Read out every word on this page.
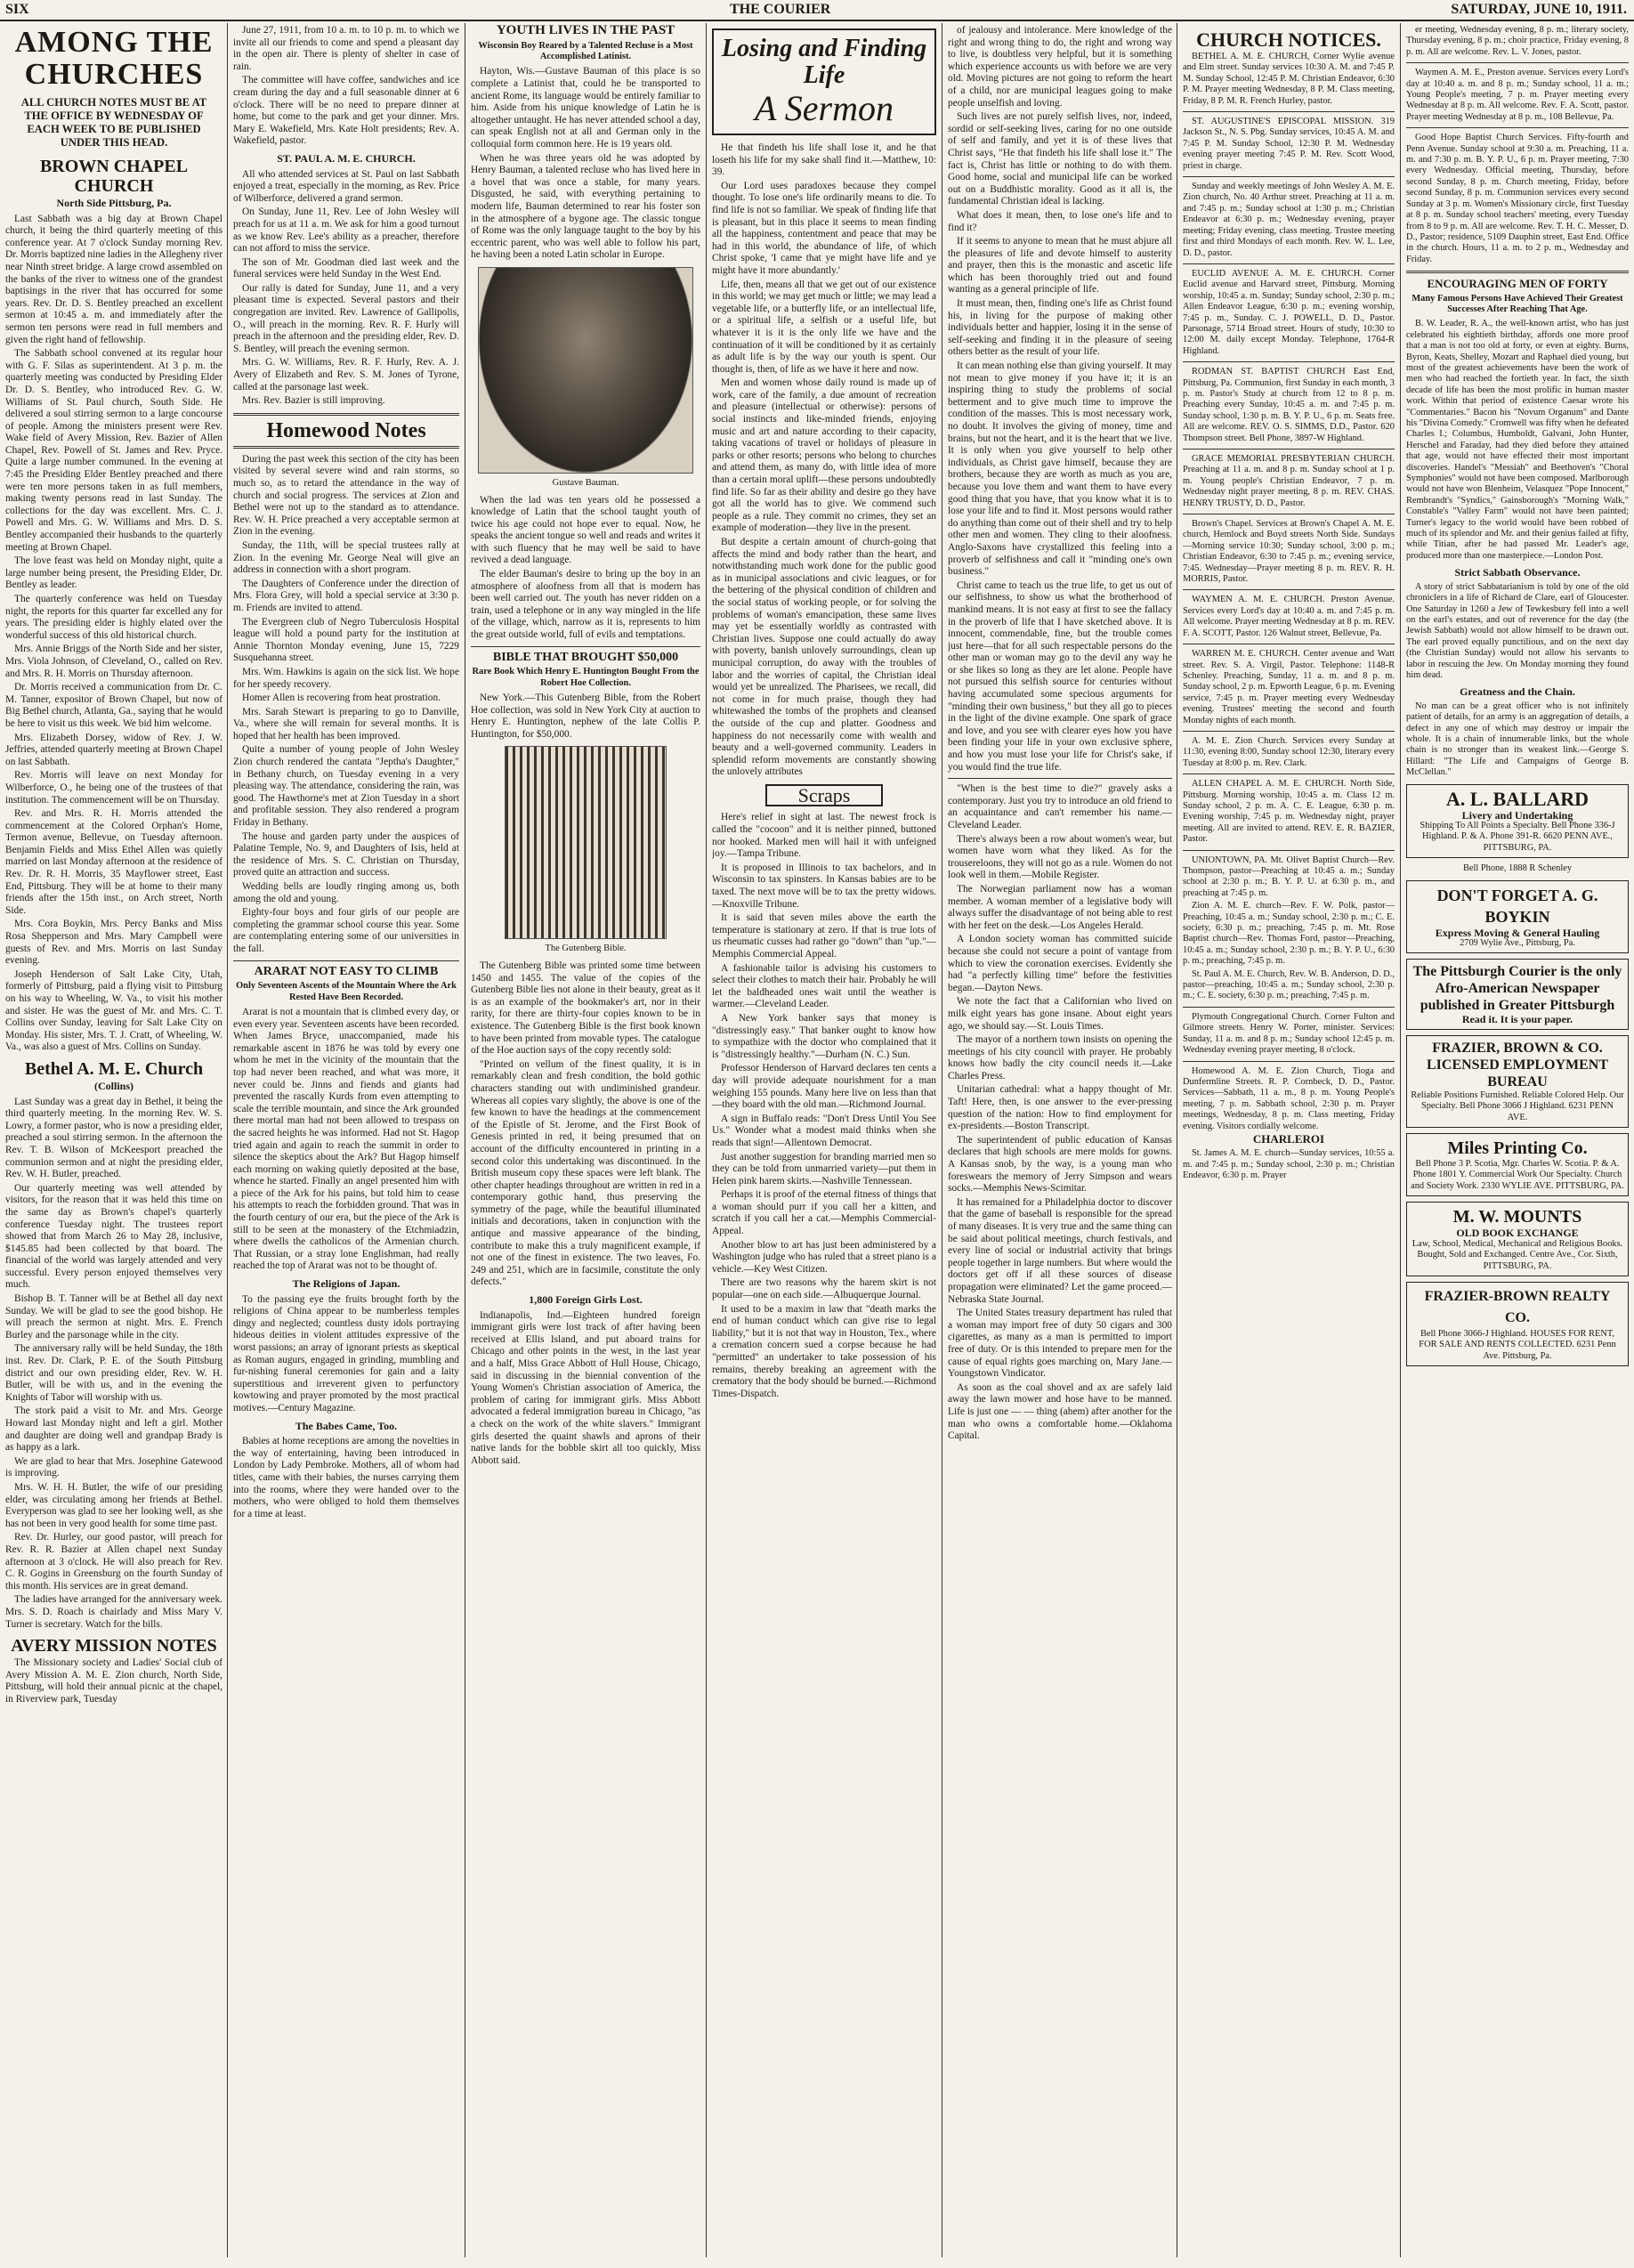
SIX	THE COURIER	SATURDAY, JUNE 10, 1911.
AMONG THE CHURCHES
ALL CHURCH NOTES MUST BE AT THE OFFICE BY WEDNESDAY OF EACH WEEK TO BE PUBLISHED UNDER THIS HEAD.
BROWN CHAPEL CHURCH
North Side Pittsburg, Pa.

Last Sabbath was a big day at Brown Chapel church, it being the third quarterly meeting of this conference year. At 7 o'clock Sunday morning Rev. Dr. Morris baptized nine ladies in the Allegheny river near Ninth street bridge. A large crowd assembled on the banks of the river to witness one of the grandest baptisings in the river that has occurred for some years. Rev. Dr. D. S. Bentley preached an excellent sermon at 10:45 a. m. and immediately after the sermon ten persons were read in full members and given the right hand of fellowship.

The Sabbath school convened at its regular hour with G. F. Silas as superintendent. At 3 p. m. the quarterly meeting was conducted by Presiding Elder Dr. D. S. Bentley, who introduced Rev. G. W. Williams of St. Paul church, South Side. He delivered a soul stirring sermon to a large concourse of people. Among the ministers present were Rev. Wake field of Avery Mission, Rev. Bazier of Allen Chapel, Rev. Powell of St. James and Rev. Pryce. Quite a large number communed. In the evening at 7:45 the Presiding Elder Bentley preached and there were ten more persons taken in as full members, making twenty persons read in last Sunday. The collections for the day was excellent. Mrs. C. J. Powell and Mrs. G. W. Williams and Mrs. D. S. Bentley accompanied their husbands to the quarterly meeting at Brown Chapel.

The love feast was held on Monday night, quite a large number being present, the Presiding Elder, Dr. Bentley as leader.

The quarterly conference was held on Tuesday night, the reports for this quarter far excelled any for years. The presiding elder is highly elated over the wonderful success of this old historical church.

Mrs. Annie Briggs of the North Side and her sister, Mrs. Viola Johnson, of Cleveland, O., called on Rev. and Mrs. R. H. Morris on Thursday afternoon.

Dr. Morris received a communication from Dr. C. M. Tanner, expositor of Brown Chapel, but now of Big Bethel church, Atlanta, Ga., saying that he would be here to visit us this week. We bid him welcome.

Mrs. Elizabeth Dorsey, widow of Rev. J. W. Jeffries, attended quarterly meeting at Brown Chapel on last Sabbath.

Rev. Morris will leave on next Monday for Wilberforce, O., he being one of the trustees of that institution. The commencement will be on Thursday.

Rev. and Mrs. R. H. Morris attended the commencement at the Colored Orphan's Home, Termon avenue, Bellevue, on Tuesday afternoon. Benjamin Fields and Miss Ethel Allen was quietly married on last Monday afternoon at the residence of Rev. Dr. R. H. Morris, 35 Mayflower street, East End, Pittsburg. They will be at home to their many friends after the 15th inst., on Arch street, North Side.

Mrs. Cora Boykin, Mrs. Percy Banks and Miss Rosa Shepperson and Mrs. Mary Campbell were guests of Rev. and Mrs. Morris on last Sunday evening.

Joseph Henderson of Salt Lake City, Utah, formerly of Pittsburg, paid a flying visit to Pittsburg on his way to Wheeling, W. Va., to visit his mother and sister. He was the guest of Mr. and Mrs. C. T. Collins over Sunday, leaving for Salt Lake City on Monday. His sister, Mrs. T. J. Cratt, of Wheeling, W. Va., was also a guest of Mrs. Collins on Sunday.

Bethel A. M. E. Church
(Collins)

Last Sunday was a great day in Bethel, it being the third quarterly meeting. In the morning Rev. W. S. Lowry, a former pastor, who is now a presiding elder, preached a soul stirring sermon. In the afternoon the Rev. T. B. Wilson of McKeesport preached the communion sermon and at night the presiding elder, Rev. W. H. Butler, preached.

Our quarterly meeting was well attended by visitors, for the reason that it was held this time on the same day as Brown's chapel's quarterly conference Tuesday night. The trustees report showed that from March 26 to May 28, inclusive, $145.85 had been collected by that board. The financial of the world was largely attended and very successful. Every person enjoyed themselves very much.

Bishop B. T. Tanner will be at Bethel all day next Sunday. We will be glad to see the good bishop. He will preach the sermon at night. Mrs. E. French Burley and the parsonage while in the city.

The anniversary rally will be held Sunday, the 18th inst. Rev. Dr. Clark, P. E. of the South Pittsburg district and our own presiding elder, Rev. W. H. Butler, will be with us, and in the evening the Knights of Tabor will worship with us.

The stork paid a visit to Mr. and Mrs. George Howard last Monday night and left a girl. Mother and daughter are doing well and grandpap Brady is as happy as a lark.

We are glad to hear that Mrs. Josephine Gatewood is improving.

Mrs. W. H. H. Butler, the wife of our presiding elder, was circulating among her friends at Bethel. Everyperson was glad to see her looking well, as she has not been in very good health for some time past.

Rev. Dr. Hurley, our good pastor, will preach for Rev. R. R. Bazier at Allen chapel next Sunday afternoon at 3 o'clock. He will also preach for Rev. C. R. Gogins in Greensburg on the fourth Sunday of this month. His services are in great demand.

The ladies have arranged for the anniversary week. Mrs. S. D. Roach is chairlady and Miss Mary V. Turner is secretary. Watch for the bills.

AVERY MISSION NOTES

The Missionary society and Ladies' Social club of Avery Mission A. M. E. Zion church, North Side, Pittsburg, will hold their annual picnic at the chapel, in Riverview park, Tuesday

June 27, 1911, from 10 a. m. to 10 p. m. to which we invite all our friends to come and spend a pleasant day in the open air. There is plenty of shelter in case of rain.

The committee will have coffee, sandwiches and ice cream during the day and a full seasonable dinner at 6 o'clock. There will be no need to prepare dinner at home, but come to the park and get your dinner. Mrs. Mary E. Wakefield, Mrs. Kate Holt presidents; Rev. A. Wakefield, pastor.

ST. PAUL A. M. E. CHURCH.

All who attended services at St. Paul on last Sabbath enjoyed a treat, especially in the morning, as Rev. Price of Wilberforce, delivered a grand sermon.

On Sunday, June 11, Rev. Lee of John Wesley will preach for us at 11 a. m. We ask for him a good turnout as we know Rev. Lee's ability as a preacher, therefore can not afford to miss the service.

The son of Mr. Goodman died last week and the funeral services were held Sunday in the West End.

Our rally is dated for Sunday, June 11, and a very pleasant time is expected. Several pastors and their congregation are invited. Rev. Lawrence of Gallipolis, O., will preach in the morning. Rev. R. F. Hurly will preach in the afternoon and the presiding elder, Rev. D. S. Bentley, will preach the evening sermon.

Mrs. G. W. Williams, Rev. R. F. Hurly, Rev. A. J. Avery of Elizabeth and Rev. S. M. Jones of Tyrone, called at the parsonage last week.

Mrs. Rev. Bazier is still improving.

Homewood Notes

During the past week this section of the city has been visited by several severe wind and rain storms, so much so, as to retard the attendance in the way of church and social progress. The services at Zion and Bethel were not up to the standard as to attendance. Rev. W. H. Price preached a very acceptable sermon at Zion in the evening.

Sunday, the 11th, will be special trustees rally at Zion. In the evening Mr. George Neal will give an address in connection with a short program.

The Daughters of Conference under the direction of Mrs. Flora Grey, will hold a special service at 3:30 p. m. Friends are invited to attend.

The Evergreen club of Negro Tuberculosis Hospital league will hold a pound party for the institution at Annie Thornton Monday evening, June 15, 7229 Susquehanna street.

Mrs. Wm. Hawkins is again on the sick list. We hope for her speedy recovery.

Homer Allen is recovering from heat prostration.

Mrs. Sarah Stewart is preparing to go to Danville, Va., where she will remain for several months. It is hoped that her health has been improved.

Quite a number of young people of John Wesley Zion church rendered the cantata "Jeptha's Daughter," in Bethany church, on Tuesday evening in a very pleasing way. The attendance, considering the rain, was good. The Hawthorne's met at Zion Tuesday in a short and profitable session. They also rendered a program Friday in Bethany.

The house and garden party under the auspices of Palatine Temple, No. 9, and Daughters of Isis, held at the residence of Mrs. S. C. Christian on Thursday, proved quite an attraction and success.

Wedding bells are loudly ringing among us, both among the old and young.

Eighty-four boys and four girls of our people are completing the grammar school course this year. Some are contemplating entering some of our universities in the fall.

ARARAT NOT EASY TO CLIMB
Only Seventeen Ascents of the Mountain Where the Ark Rested Have Been Recorded.

Ararat is not a mountain that is climbed every day, or even every year. Seventeen ascents have been recorded. When James Bryce, unaccompanied, made his remarkable ascent in 1876 he was told by every one whom he met in the vicinity of the mountain that the top had never been reached, and what was more, it never could be. Jinns and fiends and giants had prevented the rascally Kurds from even attempting to scale the terrible mountain, and since the Ark grounded there mortal man had not been allowed to trespass on the sacred heights he was informed. Had not St. Hagop tried again and again to reach the summit in order to silence the skeptics about the Ark? But Hagop himself each morning on waking quietly deposited at the base, whence he started. Finally an angel presented him with a piece of the Ark for his pains, but told him to cease his attempts to reach the forbidden ground. That was in the fourth century of our era, but the piece of the Ark is still to be seen at the monastery of the Etchmiadzin, where dwells the catholicos of the Armenian church. That Russian, or a stray lone Englishman, had really reached the top of Ararat was not to be thought of.

The Religions of Japan.

To the passing eye the fruits brought forth by the religions of China appear to be numberless temples dingy and neglected; countless dusty idols portraying hideous deities in violent attitudes expressive of the worst passions; an array of ignorant priests as skeptical as Roman augurs, engaged in grinding, mumbling and fur-nishing funeral ceremonies for gain and a laity superstitious and irreverent given to perfunctory kowtowing and prayer promoted by the most practical motives.—Century Magazine.

The Babes Came, Too.

Babies at home receptions are among the novelties in the way of entertaining, having been introduced in London by Lady Pembroke. Mothers, all of whom had titles, came with their babies, the nurses carrying them into the rooms, where they were handed over to the mothers, who were obliged to hold them themselves for a time at least.

YOUTH LIVES IN THE PAST
Wisconsin Boy Reared by a Talented Recluse is a Most Accomplished Latinist.

Hayton, Wis.—Gustave Bauman of this place is so complete a Latinist that, could he be transported to ancient Rome, its language would be entirely familiar to him. Aside from his unique knowledge of Latin he is altogether untaught. He has never attended school a day, can speak English not at all and German only in the colloquial form common here. He is 19 years old.

When he was three years old he was adopted by Henry Bauman, a talented recluse who has lived here in a hovel that was once a stable, for many years. Disgusted, he said, with everything pertaining to modern life, Bauman determined to rear his foster son in the atmosphere of a bygone age. The classic tongue of Rome was the only language taught to the boy by his eccentric parent, who was well able to follow his part, he having been a noted Latin scholar in Europe.

Gustave Bauman.

When the lad was ten years old he possessed a knowledge of Latin that the school taught youth of twice his age could not hope ever to equal. Now, he speaks the ancient tongue so well and reads and writes it with such fluency that he may well be said to have revived a dead language.

The elder Bauman's desire to bring up the boy in an atmosphere of aloofness from all that is modern has been well carried out. The youth has never ridden on a train, used a telephone or in any way mingled in the life of the village, which, narrow as it is, represents to him the great outside world, full of evils and temptations.

BIBLE THAT BROUGHT $50,000
Rare Book Which Henry E. Huntington Bought From the Robert Hoe Collection.

New York.—This Gutenberg Bible, from the Robert Hoe collection, was sold in New York City at auction to Henry E. Huntington, nephew of the late Collis P. Huntington, for $50,000.

The Gutenberg Bible.

The Gutenberg Bible was printed some time between 1450 and 1455. The value of the copies of the Gutenberg Bible lies not alone in their beauty, great as it is as an example of the bookmaker's art, nor in their rarity, for there are thirty-four copies known to be in existence. The Gutenberg Bible is the first book known to have been printed from movable types. The catalogue of the Hoe auction says of the copy recently sold:

"Printed on vellum of the finest quality, it is in remarkably clean and fresh condition, the bold gothic characters standing out with undiminished grandeur. Whereas all copies vary slightly, the above is one of the few known to have the headings at the commencement of the Epistle of St. Jerome, and the First Book of Genesis printed in red, it being presumed that on account of the difficulty encountered in printing in a second color this undertaking was discontinued. In the British museum copy these spaces were left blank. The other chapter headings throughout are written in red in a contemporary gothic hand, thus preserving the symmetry of the page, while the beautiful illuminated initials and decorations, taken in conjunction with the antique and massive appearance of the binding, contribute to make this a truly magnificent example, if not one of the finest in existence. The two leaves, Fo. 249 and 251, which are in facsimile, constitute the only defects."

1,800 Foreign Girls Lost.

Indianapolis, Ind.—Eighteen hundred foreign immigrant girls were lost track of after having been received at Ellis Island, and put aboard trains for Chicago and other points in the west, in the last year and a half, Miss Grace Abbott of Hull House, Chicago, said in discussing in the biennial convention of the Young Women's Christian association of America, the problem of caring for immigrant girls. Miss Abbott advocated a federal immigration bureau in Chicago, "as a check on the work of the white slavers." Immigrant girls deserted the quaint shawls and aprons of their native lands for the bobble skirt all too quickly, Miss Abbott said.

Losing and Finding Life
A Sermon

He that findeth his life shall lose it, and he that loseth his life for my sake shall find it.—Matthew, 10: 39.

Our Lord uses paradoxes because they compel thought. To lose one's life ordinarily means to die. To find life is not so familiar. We speak of finding life that is pleasant, but in this place it seems to mean finding all the happiness, contentment and peace that may be had in this world, the abundance of life, of which Christ spoke, 'I came that ye might have life and ye might have it more abundantly.'

Life, then, means all that we get out of our existence in this world; we may get much or little; we may lead a vegetable life, or a butterfly life, or an intellectual life, or a spiritual life, a selfish or a useful life, but whatever it is it is the only life we have and the continuation of it will be conditioned by it as certainly as adult life is by the way our youth is spent. Our thought is, then, of life as we have it here and now.

Men and women whose daily round is made up of work, care of the family, a due amount of recreation and pleasure (intellectual or otherwise): persons of social instincts and like-minded friends, enjoying music and art and nature according to their capacity, taking vacations of travel or holidays of pleasure in parks or other resorts; persons who belong to churches and attend them, as many do, with little idea of more than a certain moral uplift—these persons undoubtedly find life. So far as their ability and desire go they have got all the world has to give. We commend such people as a rule. They commit no crimes, they set an example of moderation—they live in the present.

But despite a certain amount of church-going that affects the mind and body rather than the heart, and notwithstanding much work done for the public good as in municipal associations and civic leagues, or for the bettering of the physical condition of children and the social status of working people, or for solving the problems of woman's emancipation, these same lives may yet be essentially worldly as contrasted with Christian lives. Suppose one could actually do away with poverty, banish unlovely surroundings, clean up municipal corruption, do away with the troubles of labor and the worries of capital, the Christian ideal would yet be unrealized. The Pharisees, we recall, did not come in for much praise, though they had whitewashed the tombs of the prophets and cleansed the outside of the cup and platter. Goodness and happiness do not necessarily come with wealth and beauty and a well-governed community. Leaders in splendid reform movements are constantly showing the unlovely attributes

Scraps

Here's relief in sight at last. The newest frock is called the "cocoon" and it is neither pinned, buttoned nor hooked. Marked men will hail it with unfeigned joy.—Tampa Tribune.

It is proposed in Illinois to tax bachelors, and in Wisconsin to tax spinsters. In Kansas babies are to be taxed. The next move will be to tax the pretty widows.—Knoxville Tribune.

It is said that seven miles above the earth the temperature is stationary at zero. If that is true lots of us rheumatic cusses had rather go "down" than "up."—Memphis Commercial Appeal.

A fashionable tailor is advising his customers to select their clothes to match their hair. Probably he will let the baldheaded ones wait until the weather is warmer.—Cleveland Leader.

A New York banker says that money is "distressingly easy." That banker ought to know how to sympathize with the doctor who complained that it is "distressingly healthy."—Durham (N. C.) Sun.

Professor Henderson of Harvard declares ten cents a day will provide adequate nourishment for a man weighing 155 pounds. Many here live on less than that—they board with the old man.—Richmond Journal.

A sign in Buffalo reads: "Don't Dress Until You See Us." Wonder what a modest maid thinks when she reads that sign!—Allentown Democrat.

Just another suggestion for branding married men so they can be told from unmarried variety—put them in Helen pink harem skirts.—Nashville Tennessean.

Perhaps it is proof of the eternal fitness of things that a woman should purr if you call her a kitten, and scratch if you call her a cat.—Memphis Commercial-Appeal.

Another blow to art has just been administered by a Washington judge who has ruled that a street piano is a vehicle.—Key West Citizen.

There are two reasons why the harem skirt is not popular—one on each side.—Albuquerque Journal.

It used to be a maxim in law that "death marks the end of human conduct which can give rise to legal liability," but it is not that way in Houston, Tex., where a cremation concern sued a corpse because he had "permitted" an undertaker to take possession of his remains, thereby breaking an agreement with the crematory that the body should be burned.—Richmond Times-Dispatch.

of jealousy and intolerance. Mere knowledge of the right and wrong thing to do, the right and wrong way to live, is doubtless very helpful, but it is something which experience accounts us with before we are very old. Moving pictures are not going to reform the heart of a child, nor are municipal leagues going to make people unselfish and loving.

Such lives are not purely selfish lives, nor, indeed, sordid or self-seeking lives, caring for no one outside of self and family, and yet it is of these lives that Christ says, "He that findeth his life shall lose it." The fact is, Christ has little or nothing to do with them. Good home, social and municipal life can be worked out on a Buddhistic morality. Good as it all is, the fundamental Christian ideal is lacking.

What does it mean, then, to lose one's life and to find it?

If it seems to anyone to mean that he must abjure all the pleasures of life and devote himself to austerity and prayer, then this is the monastic and ascetic life which has been thoroughly tried out and found wanting as a general principle of life.

It must mean, then, finding one's life as Christ found his, in living for the purpose of making other individuals better and happier, losing it in the sense of self-seeking and finding it in the pleasure of seeing others better as the result of your life.

It can mean nothing else than giving yourself. It may not mean to give money if you have it; it is an inspiring thing to study the problems of social betterment and to give much time to improve the condition of the masses. This is most necessary work, no doubt. It involves the giving of money, time and brains, but not the heart, and it is the heart that we live. It is only when you give yourself to help other individuals, as Christ gave himself, because they are brothers, because they are worth as much as you are, because you love them and want them to have every good thing that you have, that you know what it is to lose your life and to find it. Most persons would rather do anything than come out of their shell and try to help other men and women. They cling to their aloofness. Anglo-Saxons have crystallized this feeling into a proverb of selfishness and call it "minding one's own business."

Christ came to teach us the true life, to get us out of our selfishness, to show us what the brotherhood of mankind means. It is not easy at first to see the fallacy in the proverb of life that I have sketched above. It is innocent, commendable, fine, but the trouble comes just here—that for all such respectable persons do the other man or woman may go to the devil any way he or she likes so long as they are let alone. People have not pursued this selfish source for centuries without having accumulated some specious arguments for "minding their own business," but they all go to pieces in the light of the divine example. One spark of grace and love, and you see with clearer eyes how you have been finding your life in your own exclusive sphere, and how you must lose your life for Christ's sake, if you would find the true life.

"When is the best time to die?" gravely asks a contemporary. Just you try to introduce an old friend to an acquaintance and can't remember his name.—Cleveland Leader.

There's always been a row about women's wear, but women have worn what they liked. As for the trousereloons, they will not go as a rule. Women do not look well in them.—Mobile Register.

The Norwegian parliament now has a woman member. A woman member of a legislative body will always suffer the disadvantage of not being able to rest with her feet on the desk.—Los Angeles Herald.

A London society woman has committed suicide because she could not secure a point of vantage from which to view the coronation exercises. Evidently she had "a perfectly killing time" before the festivities began.—Dayton News.

We note the fact that a Californian who lived on milk eight years has gone insane. About eight years ago, we should say.—St. Louis Times.

The mayor of a northern town insists on opening the meetings of his city council with prayer. He probably knows how badly the city council needs it.—Lake Charles Press.

Unitarian cathedral: what a happy thought of Mr. Taft! Here, then, is one answer to the ever-pressing question of the nation: How to find employment for ex-presidents.—Boston Transcript.

The superintendent of public education of Kansas declares that high schools are mere molds for gowns. A Kansas snob, by the way, is a young man who foreswears the memory of Jerry Simpson and wears socks.—Memphis News-Scimitar.

It has remained for a Philadelphia doctor to discover that the game of baseball is responsible for the spread of many diseases. It is very true and the same thing can be said about political meetings, church festivals, and every line of social or industrial activity that brings people together in large numbers. But where would the doctors get off if all these sources of disease propagation were eliminated? Let the game proceed.—Nebraska State Journal.

The United States treasury department has ruled that a woman may import free of duty 50 cigars and 300 cigarettes, as many as a man is permitted to import free of duty. Or is this intended to prepare men for the cause of equal rights goes marching on, Mary Jane.—Youngstown Vindicator.

As soon as the coal shovel and ax are safely laid away the lawn mower and hose have to be manned. Life is just one — — thing (ahem) after another for the man who owns a comfortable home.—Oklahoma Capital.

CHURCH NOTICES.

BETHEL A. M. E. CHURCH, Corner Wylie avenue and Elm street. Sunday services 10:30 A. M. and 7:45 P. M. Sunday School, 12:45 P. M. Christian Endeavor, 6:30 P. M. Prayer meeting Wednesday, 8 P. M. Class meeting, Friday, 8 P. M. R. French Hurley, pastor.

ST. AUGUSTINE'S EPISCOPAL MISSION. 319 Jackson St., N. S. Pbg. Sunday services, 10:45 A. M. and 7:45 P. M. Sunday School, 12:30 P. M. Wednesday evening prayer meeting 7:45 P. M. Rev. Scott Wood, priest in charge.

Sunday and weekly meetings of John Wesley A. M. E. Zion church, No. 40 Arthur street. Preaching at 11 a. m. and 7:45 p. m.; Sunday school at 1:30 p. m.; Christian Endeavor at 6:30 p. m.; Wednesday evening, prayer meeting; Friday evening, class meeting. Trustee meeting first and third Mondays of each month. Rev. W. L. Lee, D. D., pastor.

EUCLID AVENUE A. M. E. CHURCH. Corner Euclid avenue and Harvard street, Pittsburg. Morning worship, 10:45 a. m. Sunday; Sunday school, 2:30 p. m.; Allen Endeavor League, 6:30 p. m.; evening worship, 7:45 p. m., Sunday. C. J. POWELL, D. D., Pastor. Parsonage, 5714 Broad street. Hours of study, 10:30 to 12:00 M. daily except Monday. Telephone, 1764-R Highland.

RODMAN ST. BAPTIST CHURCH East End, Pittsburg, Pa. Communion, first Sunday in each month, 3 p. m. Pastor's Study at church from 12 to 8 p. m. Preaching every Sunday, 10:45 a. m. and 7:45 p. m. Sunday school, 1:30 p. m. B. Y. P. U., 6 p. m. Seats free. All are welcome. REV. O. S. SIMMS, D.D., Pastor. 620 Thompson street. Bell Phone, 3897-W Highland.

GRACE MEMORIAL PRESBYTERIAN CHURCH. Preaching at 11 a. m. and 8 p. m. Sunday school at 1 p. m. Young people's Christian Endeavor, 7 p. m. Wednesday night prayer meeting, 8 p. m. REV. CHAS. HENRY TRUSTY, D. D., Pastor.

Brown's Chapel. Services at Brown's Chapel A. M. E. church, Hemlock and Boyd streets North Side. Sundays—Morning service 10:30; Sunday school, 3:00 p. m.; Christian Endeavor, 6:30 to 7:45 p. m.; evening service, 7:45. Wednesday—Prayer meeting 8 p. m. REV. R. H. MORRIS, Pastor.

WAYMEN A. M. E. CHURCH. Preston Avenue. Services every Lord's day at 10:40 a. m. and 7:45 p. m. All welcome. Prayer meeting Wednesday at 8 p. m. REV. F. A. SCOTT, Pastor. 126 Walnut street, Bellevue, Pa.

WARREN M. E. CHURCH. Center avenue and Watt street. Rev. S. A. Virgil, Pastor. Telephone: 1148-R Schenley. Preaching, Sunday, 11 a. m. and 8 p. m. Sunday school, 2 p. m. Epworth League, 6 p. m. Evening service, 7:45 p. m. Prayer meeting every Wednesday evening. Trustees' meeting the second and fourth Monday nights of each month.

A. M. E. Zion Church. Services every Sunday at 11:30, evening 8:00, Sunday school 12:30, literary every Tuesday at 8:00 p. m. Rev. Clark.

ALLEN CHAPEL A. M. E. CHURCH. North Side, Pittsburg. Morning worship, 10:45 a. m. Class 12 m. Sunday school, 2 p. m. A. C. E. League, 6:30 p. m. Evening worship, 7:45 p. m. Wednesday night, prayer meeting. All are invited to attend. REV. E. R. BAZIER, Pastor.

UNIONTOWN, PA. Mt. Olivet Baptist Church—Rev. Thompson, pastor—Preaching at 10:45 a. m.; Sunday school at 2:30 p. m.; B. Y. P. U. at 6:30 p. m., and preaching at 7:45 p. m.

Zion A. M. E. church—Rev. F. W. Polk, pastor—Preaching, 10:45 a. m.; Sunday school, 2:30 p. m.; C. E. society, 6:30 p. m.; preaching, 7:45 p. m. Mt. Rose Baptist church—Rev. Thomas Ford, pastor—Preaching, 10:45 a. m.; Sunday school, 2:30 p. m.; B. Y. P. U., 6:30 p. m.; preaching, 7:45 p. m.

St. Paul A. M. E. Church, Rev. W. B. Anderson, D. D., pastor—preaching, 10:45 a. m.; Sunday school, 2:30 p. m.; C. E. society, 6:30 p. m.; preaching, 7:45 p. m.

Plymouth Congregational Church. Corner Fulton and Gilmore streets. Henry W. Porter, minister. Services: Sunday, 11 a. m. and 8 p. m.; Sunday school 12:45 p. m. Wednesday evening prayer meeting, 8 o'clock.

Homewood A. M. E. Zion Church, Tioga and Dunfermline Streets. R. P. Cornbeck, D. D., Pastor. Services—Sabbath, 11 a. m., 8 p. m. Young People's meeting, 7 p. m. Sabbath school, 2:30 p. m. Prayer meetings, Wednesday, 8 p. m. Class meeting, Friday evening. Visitors cordially welcome.

CHARLEROI

St. James A. M. E. church—Sunday services, 10:55 a. m. and 7:45 p. m.; Sunday school, 2:30 p. m.; Christian Endeavor, 6:30 p. m. Prayer

er meeting, Wednesday evening, 8 p. m.; literary society, Thursday evening, 8 p. m.; choir practice, Friday evening, 8 p. m. All are welcome. Rev. L. V. Jones, pastor.

Waymen A. M. E., Preston avenue. Services every Lord's day at 10:40 a. m. and 8 p. m.; Sunday school, 11 a. m.; Young People's meeting, 7 p. m. Prayer meeting every Wednesday at 8 p. m. All welcome. Rev. F. A. Scott, pastor. Prayer meeting Wednesday at 8 p. m., 108 Bellevue, Pa.

Good Hope Baptist Church Services. Fifty-fourth and Penn Avenue. Sunday school at 9:30 a. m. Preaching, 11 a. m. and 7:30 p. m. B. Y. P. U., 6 p. m. Prayer meeting, 7:30 every Wednesday. Official meeting, Thursday, before second Sunday, 8 p. m. Church meeting, Friday, before second Sunday, 8 p. m. Communion services every second Sunday at 3 p. m. Women's Missionary circle, first Tuesday at 8 p. m. Sunday school teachers' meeting, every Tuesday from 8 to 9 p. m. All are welcome. Rev. T. H. C. Messer, D. D., Pastor; residence, 5109 Dauphin street, East End. Office in the church. Hours, 11 a. m. to 2 p. m., Wednesday and Friday.

ENCOURAGING MEN OF FORTY
Many Famous Persons Have Achieved Their Greatest Successes After Reaching That Age.

B. W. Leader, R. A., the well-known artist, who has just celebrated his eightieth birthday, affords one more proof that a man is not too old at forty, or even at eighty. Burns, Byron, Keats, Shelley, Mozart and Raphael died young, but most of the greatest achievements have been the work of men who had reached the fortieth year. In fact, the sixth decade of life has been the most prolific in human master work. Within that period of existence Caesar wrote his "Commentaries." Bacon his "Novum Organum" and Dante his "Divina Comedy." Cromwell was fifty when he defeated Charles I.; Columbus, Humboldt, Galvani, John Hunter, Herschel and Faraday, had they died before they attained that age, would not have effected their most important discoveries. Handel's "Messiah" and Beethoven's "Choral Symphonies" would not have been composed. Marlborough would not have won Blenheim, Velasquez "Pope Innocent," Rembrandt's "Syndics," Gainsborough's "Morning Walk," Constable's "Valley Farm" would not have been painted; Turner's legacy to the world would have been robbed of much of its splendor and Mr. and their genius failed at fifty, while Titian, after he had passed Mr. Leader's age, produced more than one masterpiece.—London Post.

Strict Sabbath Observance.

A story of strict Sabbatarianism is told by one of the old chroniclers in a life of Richard de Clare, earl of Gloucester. One Saturday in 1260 a Jew of Tewkesbury fell into a well on the earl's estates, and out of reverence for the day (the Jewish Sabbath) would not allow himself to be drawn out. The earl proved equally punctilious, and on the next day (the Christian Sunday) would not allow his servants to labor in rescuing the Jew. On Monday morning they found him dead.

Greatness and the Chain.

No man can be a great officer who is not infinitely patient of details, for an army is an aggregation of details, a defect in any one of which may destroy or impair the whole. It is a chain of innumerable links, but the whole chain is no stronger than its weakest link.—George S. Hillard: "The Life and Campaigns of George B. McClellan."

A. L. BALLARD
Livery and Undertaking
Shipping To All Points a Specialty. Bell Phone 336-J Highland. P. & A. Phone 391-R. 6620 PENN AVE., PITTSBURG, PA.
Bell Phone, 1888 R Schenley
DON'T FORGET A. G. BOYKIN
Express Moving & General Hauling
2709 Wylie Ave., Pittsburg, Pa.
The Pittsburgh Courier is the only Afro-American Newspaper published in Greater Pittsburgh
Read it. It is your paper.
FRAZIER, BROWN & CO. LICENSED EMPLOYMENT BUREAU
Reliable Positions Furnished. Reliable Colored Help. Our Specialty. Bell Phone 3066 J Highland. 6231 PENN AVE.
Miles Printing Co.
Bell Phone 3 P. Scotia, Mgr. Charles W. Scotia. P. & A. Phone 1801 Y. Commercial Work Our Specialty. Church and Society Work. 2330 WYLIE AVE. PITTSBURG, PA.
M. W. MOUNTS
OLD BOOK EXCHANGE
Law, School, Medical, Mechanical and Religious Books. Bought, Sold and Exchanged. Centre Ave., Cor. Sixth, PITTSBURG, PA.
FRAZIER-BROWN REALTY CO.
Bell Phone 3066-J Highland. HOUSES FOR RENT, FOR SALE AND RENTS COLLECTED. 6231 Penn Ave. Pittsburg, Pa.
